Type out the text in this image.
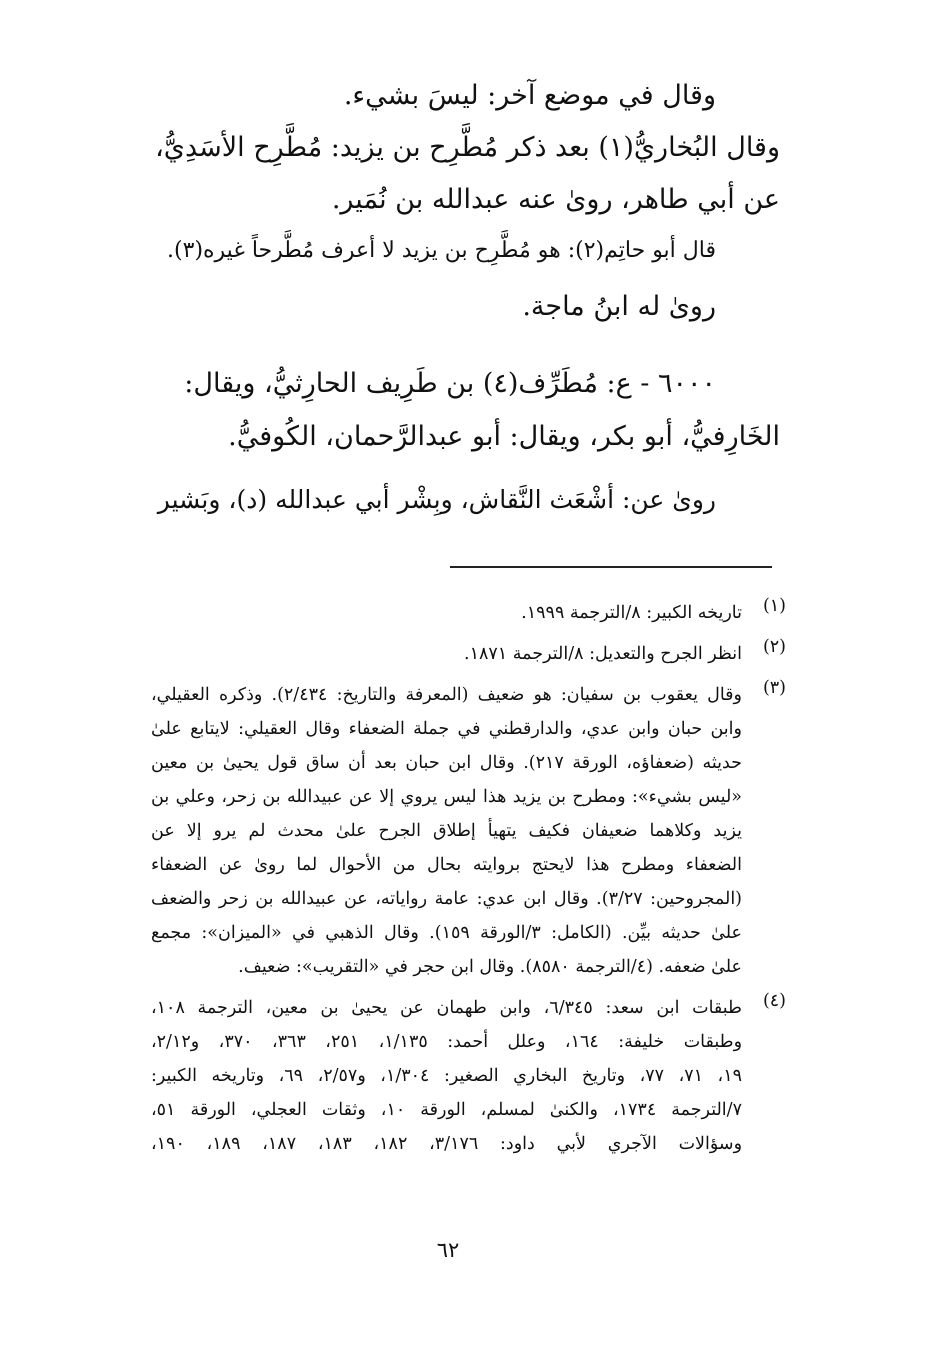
وقال في موضع آخر: ليسَ بشيء.
وقال البُخاريُّ(١) بعد ذكر مُطَّرِح بن يزيد: مُطَّرِح الأسَدِيُّ،
عن أبي طاهر، روىٰ عنه عبدالله بن نُمَير.
قال أبو حاتِم(٢): هو مُطَّرِح بن يزيد لا أعرف مُطَّرحاً غيره(٣).
روىٰ له ابنُ ماجة.
٦٠٠٠ - ع: مُطَرِّف(٤) بن طَرِيف الحارِثيُّ، ويقال:
الخَارِفيُّ، أبو بكر، ويقال: أبو عبدالرَّحمان، الكُوفيُّ.
روىٰ عن: أشْعَث النَّقاش، وبِشْر أبي عبدالله (د)، وبَشير
(١)
تاريخه الكبير: ٨/الترجمة ١٩٩٩.
(٢)
انظر الجرح والتعديل: ٨/الترجمة ١٨٧١.
(٣)
وقال يعقوب بن سفيان: هو ضعيف (المعرفة والتاريخ: ٢/٤٣٤). وذكره العقيلي،
وابن حبان وابن عدي، والدارقطني في جملة الضعفاء وقال العقيلي: لايتابع علىٰ
حديثه (ضعفاؤه، الورقة ٢١٧). وقال ابن حبان بعد أن ساق قول يحيىٰ بن معين
«ليس بشيء»: ومطرح بن يزيد هذا ليس يروي إلا عن عبيدالله بن زحر، وعلي بن
يزيد وكلاهما ضعيفان فكيف يتهيأ إطلاق الجرح علىٰ محدث لم يرو إلا عن
الضعفاء ومطرح هذا لايحتج بروايته بحال من الأحوال لما روىٰ عن الضعفاء
(المجروحين: ٣/٢٧). وقال ابن عدي: عامة رواياته، عن عبيدالله بن زحر والضعف
علىٰ حديثه بيِّن. (الكامل: ٣/الورقة ١٥٩). وقال الذهبي في «الميزان»: مجمع
علىٰ ضعفه. (٤/الترجمة ٨٥٨٠). وقال ابن حجر في «التقريب»: ضعيف.
(٤)
طبقات ابن سعد: ٦/٣٤٥، وابن طهمان عن يحيىٰ بن معين، الترجمة ١٠٨،
وطبقات خليفة: ١٦٤، وعلل أحمد: ١/١٣٥، ٢٥١، ٣٦٣، ٣٧٠، و٢/١٢،
١٩، ٧١، ٧٧، وتاريخ البخاري الصغير: ١/٣٠٤، و٢/٥٧، ٦٩، وتاريخه الكبير:
٧/الترجمة ١٧٣٤، والكنىٰ لمسلم، الورقة ١٠، وثقات العجلي، الورقة ٥١،
وسؤالات الآجري لأبي داود: ٣/١٧٦، ١٨٢، ١٨٣، ١٨٧، ١٨٩، ١٩٠،
٦٢
